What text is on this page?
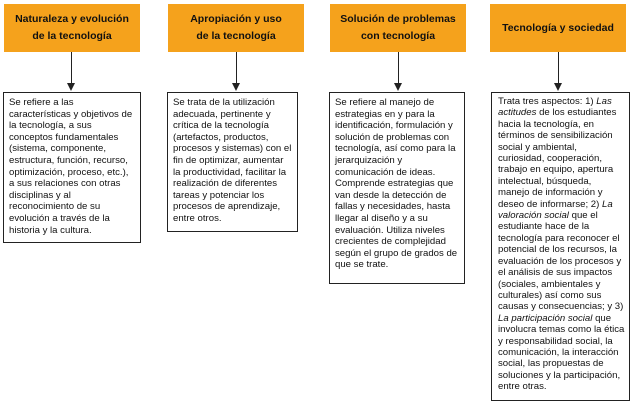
Naturaleza y evolución
de la tecnología

Se refiere a las características y objetivos de la tecnología, a sus conceptos fundamentales (sistema, componente, estructura, función, recurso, optimización, proceso, etc.), a sus relaciones con otras disciplinas y al reconocimiento de su evolución a través de la historia y la cultura.

Apropiación y uso
de la tecnología

Se trata de la utilización adecuada, pertinente y crítica de la tecnología (artefactos, productos, procesos y sistemas) con el fin de optimizar, aumentar la productividad, facilitar la realización de diferentes tareas y potenciar los procesos de aprendizaje, entre otros.

Solución de problemas
con tecnología

Se refiere al manejo de estrategias en y para la identificación, formulación y solución de problemas con tecnología, así como para la jerarquización y comunicación de ideas. Comprende estrategias que van desde la detección de fallas y necesidades, hasta llegar al diseño y a su evaluación. Utiliza niveles crecientes de complejidad según el grupo de grados de que se trate.

Tecnología y sociedad

Trata tres aspectos: 1) Las actitudes de los estudiantes hacia la tecnología, en términos de sensibilización social y ambiental, curiosidad, cooperación, trabajo en equipo, apertura intelectual, búsqueda, manejo de información y deseo de informarse; 2) La valoración social que el estudiante hace de la tecnología para reconocer el potencial de los recursos, la evaluación de los procesos y el análisis de sus impactos (sociales, ambientales y culturales) así como sus causas y consecuencias; y 3) La participación social que involucra temas como la ética y responsabilidad social, la comunicación, la interacción social, las propuestas de soluciones y la participación, entre otras.
